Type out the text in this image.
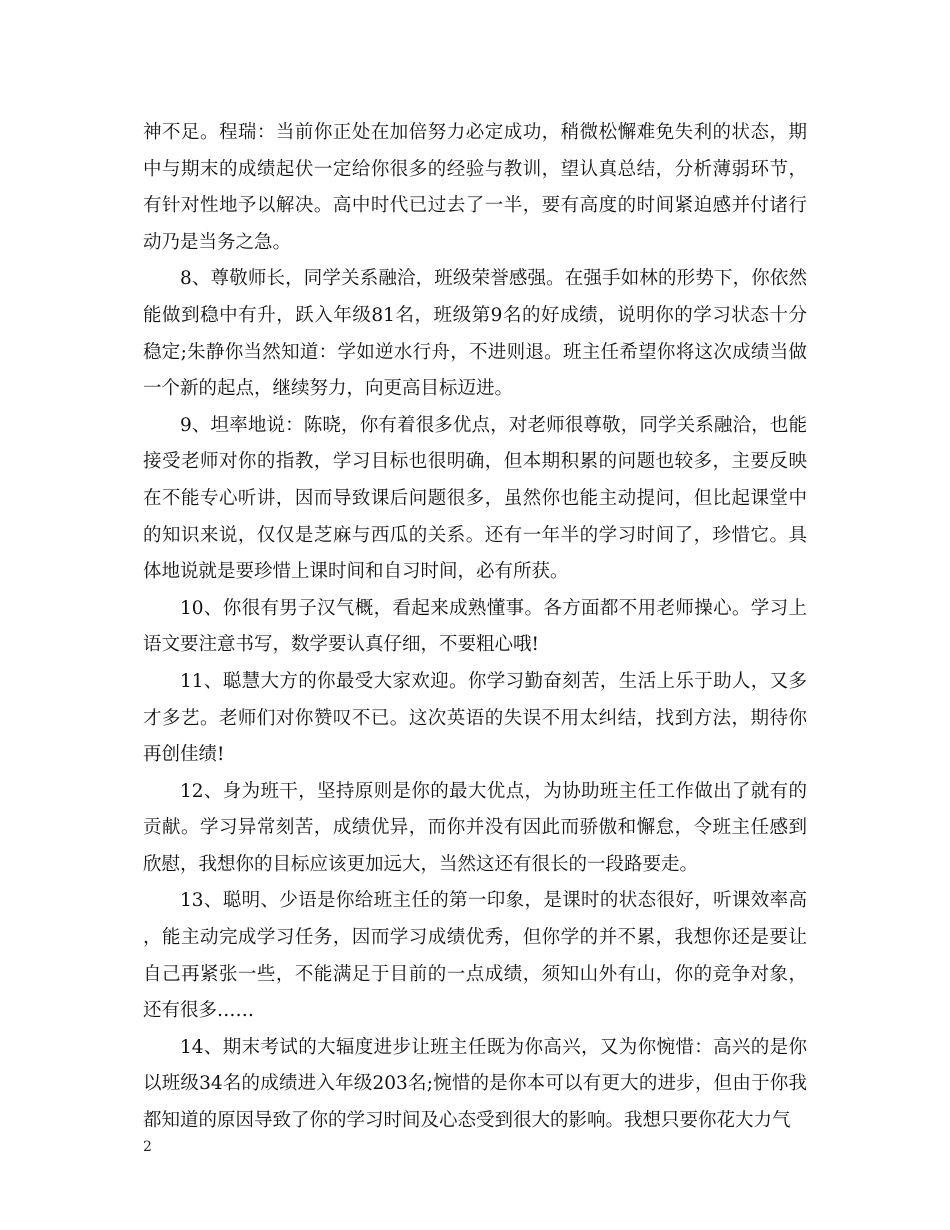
神不足。程瑞：当前你正处在加倍努力必定成功，稍微松懈难免失利的状态，期中与期末的成绩起伏一定给你很多的经验与教训，望认真总结，分析薄弱环节，有针对性地予以解决。高中时代已过去了一半，要有高度的时间紧迫感并付诸行动乃是当务之急。

8、尊敬师长，同学关系融洽，班级荣誉感强。在强手如林的形势下，你依然能做到稳中有升，跃入年级81名，班级第9名的好成绩，说明你的学习状态十分稳定;朱静你当然知道：学如逆水行舟，不进则退。班主任希望你将这次成绩当做一个新的起点，继续努力，向更高目标迈进。

9、坦率地说：陈晓，你有着很多优点，对老师很尊敬，同学关系融洽，也能接受老师对你的指教，学习目标也很明确，但本期积累的问题也较多，主要反映在不能专心听讲，因而导致课后问题很多，虽然你也能主动提问，但比起课堂中的知识来说，仅仅是芝麻与西瓜的关系。还有一年半的学习时间了，珍惜它。具体地说就是要珍惜上课时间和自习时间，必有所获。

10、你很有男子汉气概，看起来成熟懂事。各方面都不用老师操心。学习上语文要注意书写，数学要认真仔细，不要粗心哦!

11、聪慧大方的你最受大家欢迎。你学习勤奋刻苦，生活上乐于助人，又多才多艺。老师们对你赞叹不已。这次英语的失误不用太纠结，找到方法，期待你再创佳绩!

12、身为班干，坚持原则是你的最大优点，为协助班主任工作做出了就有的贡献。学习异常刻苦，成绩优异，而你并没有因此而骄傲和懈怠，令班主任感到欣慰，我想你的目标应该更加远大，当然这还有很长的一段路要走。

13、聪明、少语是你给班主任的第一印象，是课时的状态很好，听课效率高，能主动完成学习任务，因而学习成绩优秀，但你学的并不累，我想你还是要让自己再紧张一些，不能满足于目前的一点成绩，须知山外有山，你的竞争对象，还有很多……

14、期末考试的大辐度进步让班主任既为你高兴，又为你惋惜：高兴的是你以班级34名的成绩进入年级203名;惋惜的是你本可以有更大的进步，但由于你我都知道的原因导致了你的学习时间及心态受到很大的影响。我想只要你花大力气

2
